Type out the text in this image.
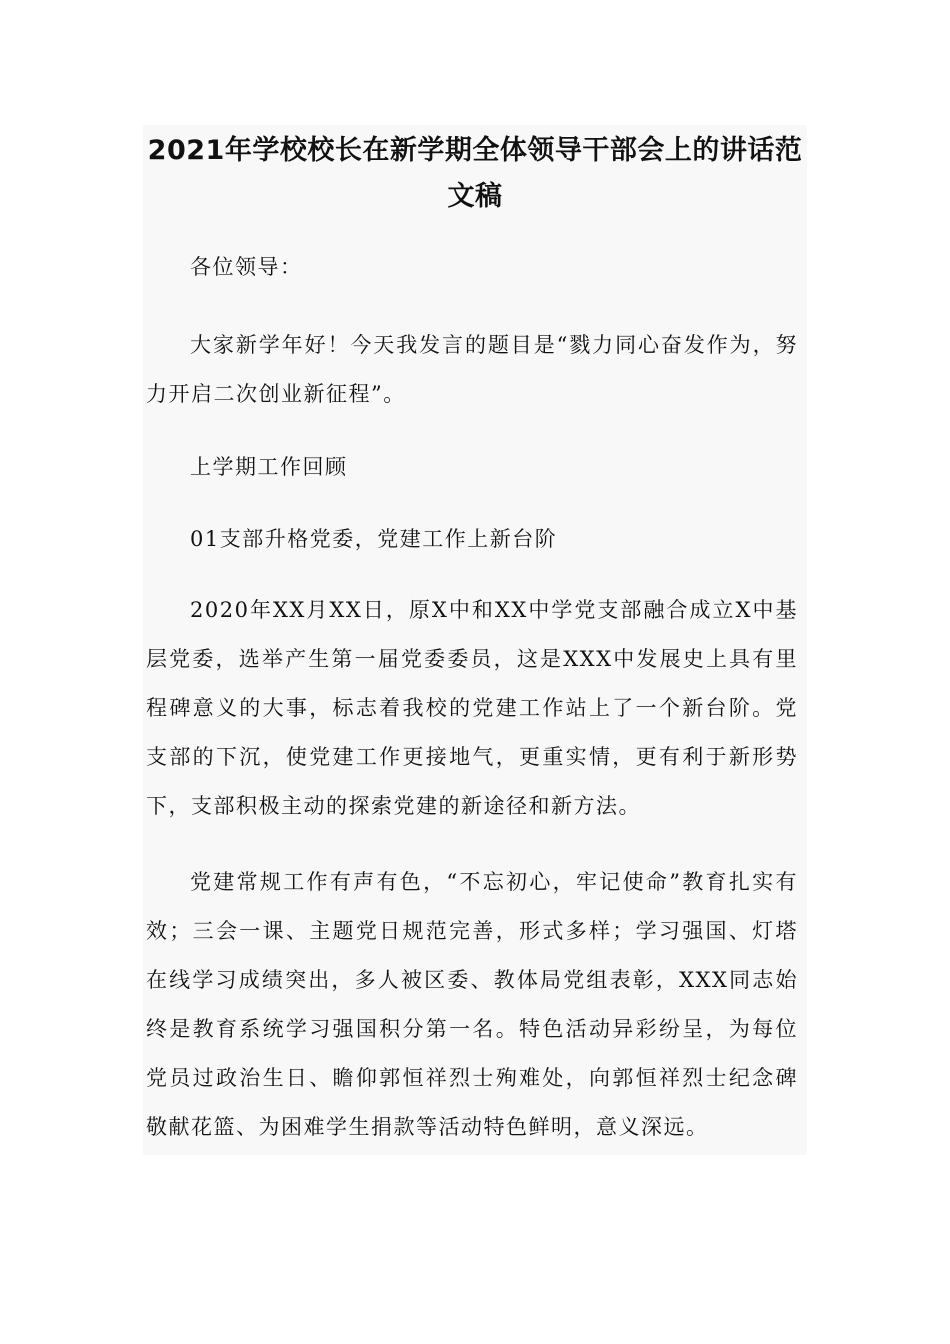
2021年学校校长在新学期全体领导干部会上的讲话范文稿

各位领导：

大家新学年好！今天我发言的题目是“戮力同心奋发作为，努力开启二次创业新征程”。

上学期工作回顾

01支部升格党委，党建工作上新台阶

2020年XX月XX日，原X中和XX中学党支部融合成立X中基层党委，选举产生第一届党委委员，这是XXX中发展史上具有里程碑意义的大事，标志着我校的党建工作站上了一个新台阶。党支部的下沉，使党建工作更接地气，更重实情，更有利于新形势下，支部积极主动的探索党建的新途径和新方法。

党建常规工作有声有色，“不忘初心，牢记使命”教育扎实有效；三会一课、主题党日规范完善，形式多样；学习强国、灯塔在线学习成绩突出，多人被区委、教体局党组表彰，XXX同志始终是教育系统学习强国积分第一名。特色活动异彩纷呈，为每位党员过政治生日、瞻仰郭恒祥烈士殉难处，向郭恒祥烈士纪念碑敬献花篮、为困难学生捐款等活动特色鲜明，意义深远。
